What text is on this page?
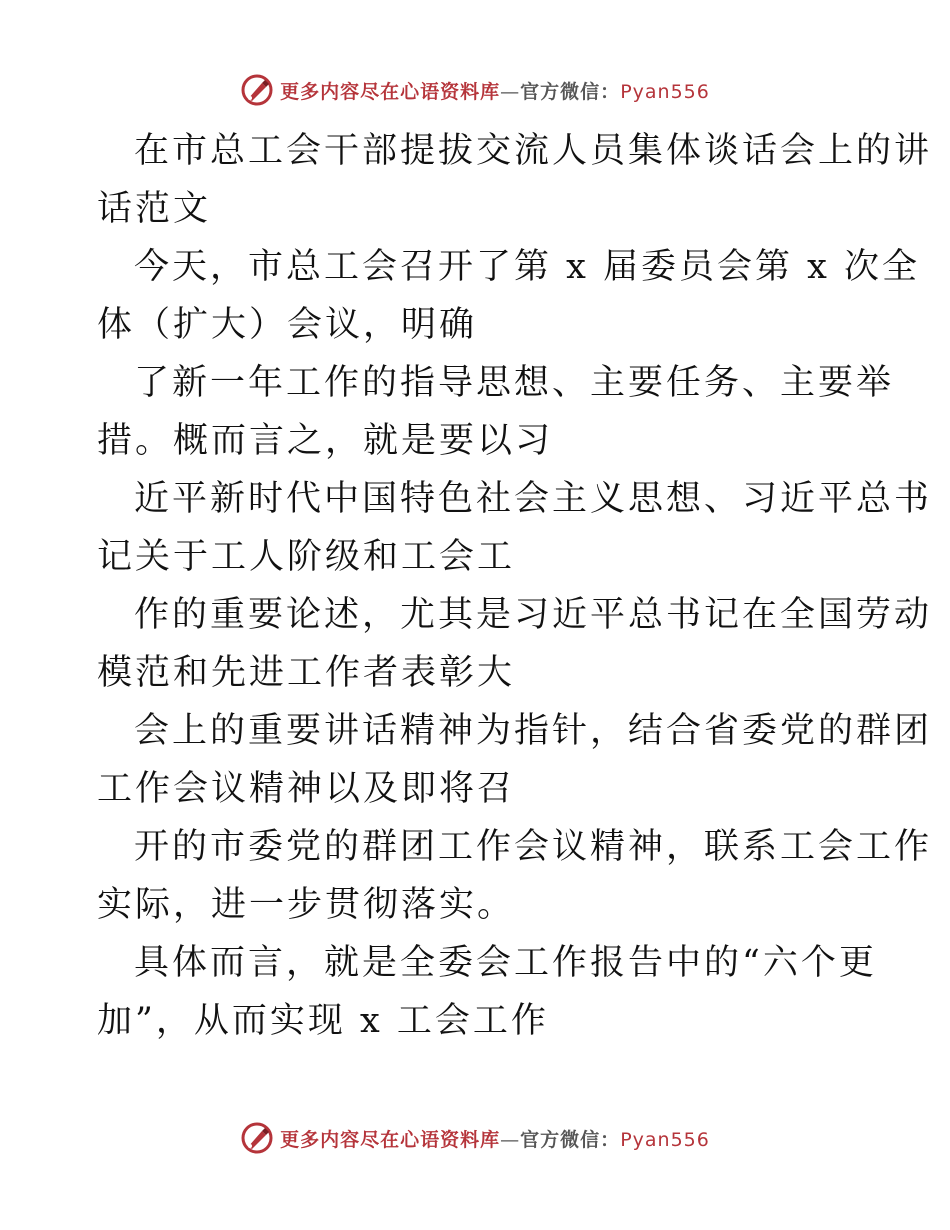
更多内容尽在心语资料库—官方微信：Pyan556

在市总工会干部提拔交流人员集体谈话会上的讲

话范文

今天，市总工会召开了第 x 届委员会第 x 次全

体（扩大）会议，明确

了新一年工作的指导思想、主要任务、主要举

措。概而言之，就是要以习

近平新时代中国特色社会主义思想、习近平总书

记关于工人阶级和工会工

作的重要论述，尤其是习近平总书记在全国劳动

模范和先进工作者表彰大

会上的重要讲话精神为指针，结合省委党的群团

工作会议精神以及即将召

开的市委党的群团工作会议精神，联系工会工作

实际，进一步贯彻落实。

具体而言，就是全委会工作报告中的“六个更

加”，从而实现 x 工会工作

更多内容尽在心语资料库—官方微信：Pyan556
